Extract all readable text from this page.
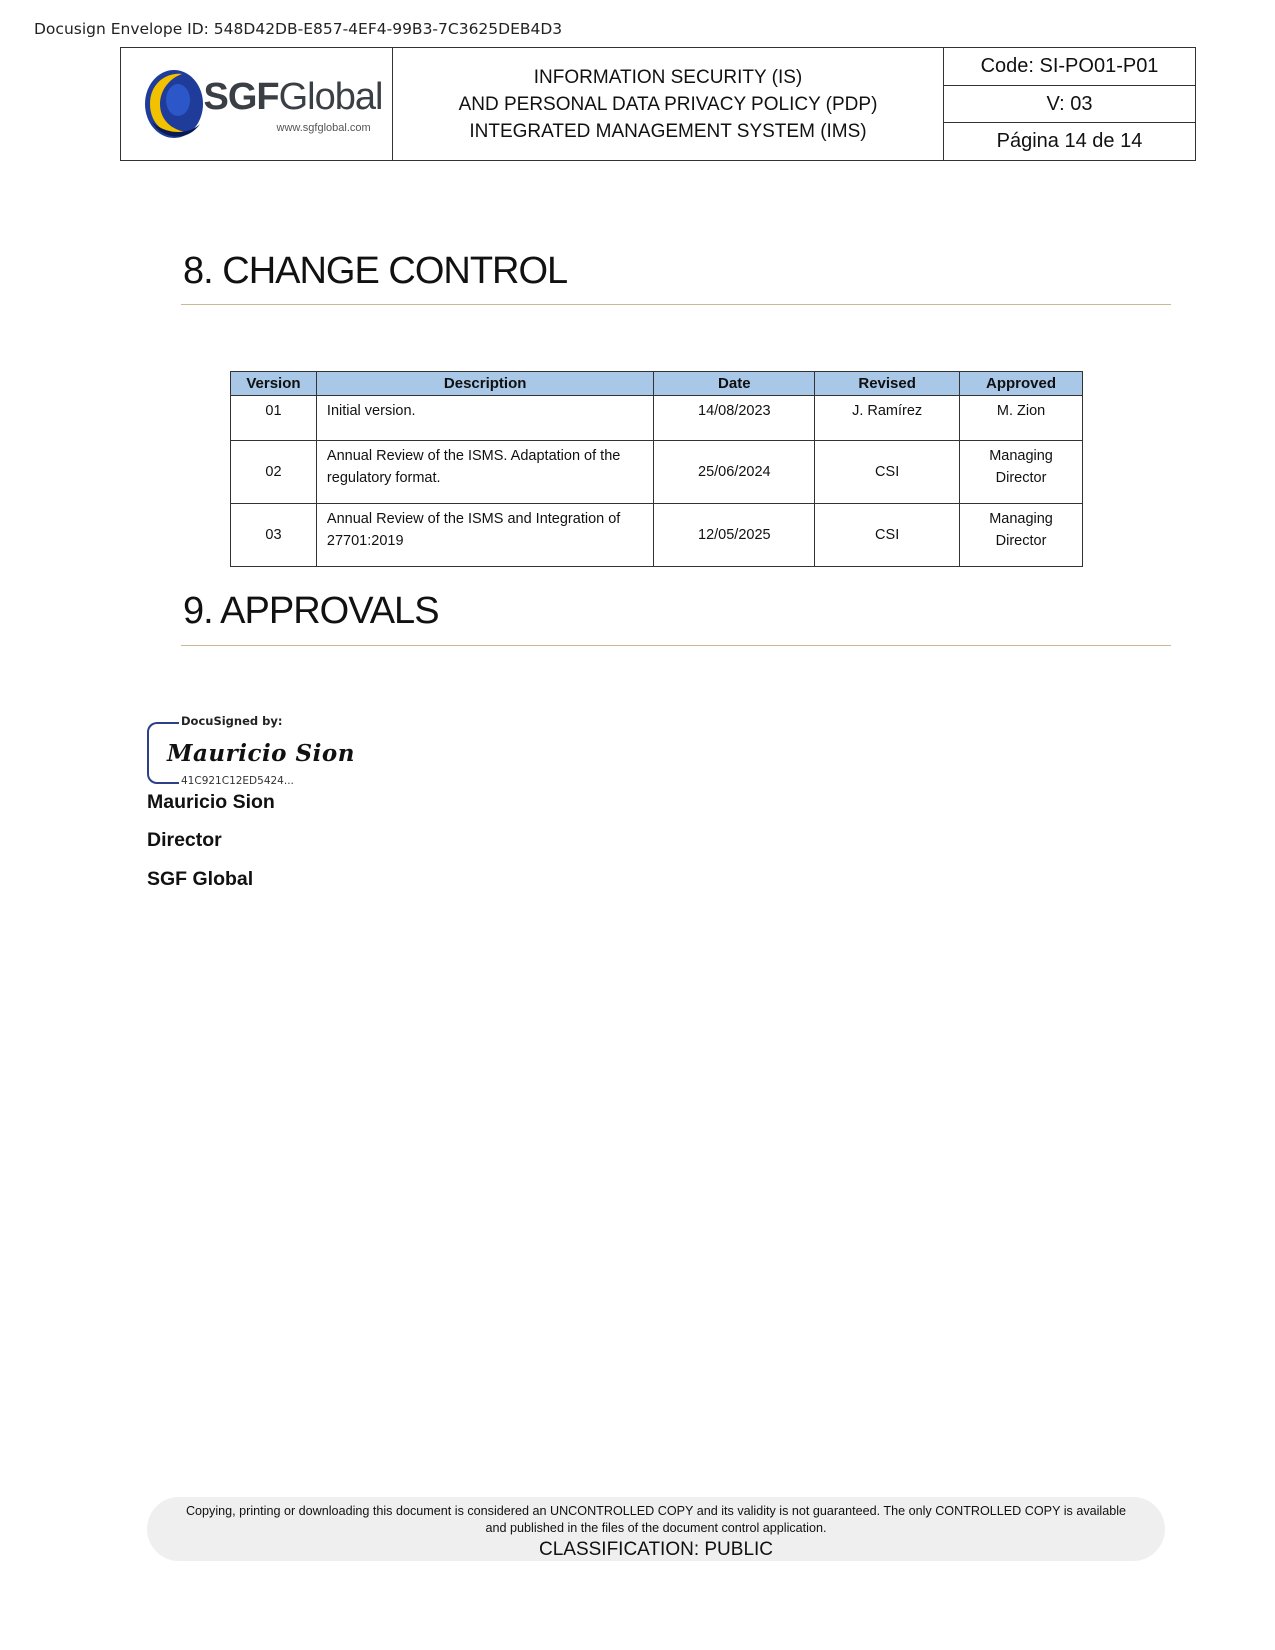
Docusign Envelope ID: 548D42DB-E857-4EF4-99B3-7C3625DEB4D3
SGFGlobal
www.sgfglobal.com
INFORMATION SECURITY (IS)
AND PERSONAL DATA PRIVACY POLICY (PDP)
INTEGRATED MANAGEMENT SYSTEM (IMS)
Code: SI-PO01-P01
V: 03
Página 14 de 14
8. CHANGE CONTROL
Version	Description	Date	Revised	Approved
01	Initial version.	14/08/2023	J. Ramírez	M. Zion
02	Annual Review of the ISMS. Adaptation of the regulatory format.	25/06/2024	CSI	Managing Director
03	Annual Review of the ISMS and Integration of 27701:2019	12/05/2025	CSI	Managing Director
9. APPROVALS
DocuSigned by:
Mauricio Sion
41C921C12ED5424...
Mauricio Sion
Director
SGF Global
Copying, printing or downloading this document is considered an UNCONTROLLED COPY and its validity is not guaranteed. The only CONTROLLED COPY is available and published in the files of the document control application.
CLASSIFICATION: PUBLIC
